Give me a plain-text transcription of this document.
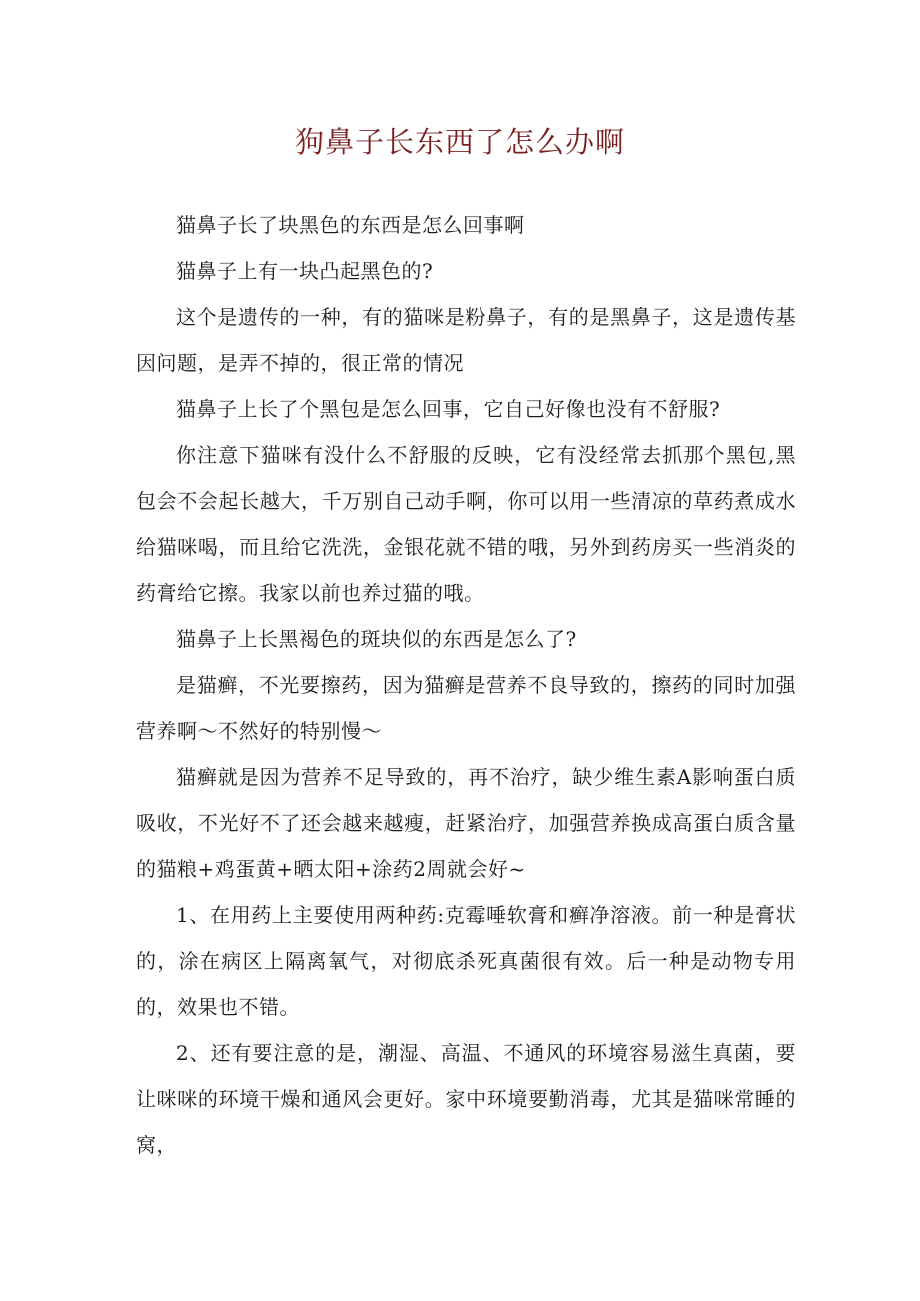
狗鼻子长东西了怎么办啊

猫鼻子长了块黑色的东西是怎么回事啊

猫鼻子上有一块凸起黑色的?

这个是遗传的一种，有的猫咪是粉鼻子，有的是黑鼻子，这是遗传基因问题，是弄不掉的，很正常的情况

猫鼻子上长了个黑包是怎么回事，它自己好像也没有不舒服?

你注意下猫咪有没什么不舒服的反映，它有没经常去抓那个黑包,黑包会不会起长越大，千万别自己动手啊，你可以用一些清凉的草药煮成水给猫咪喝，而且给它洗洗，金银花就不错的哦，另外到药房买一些消炎的药膏给它擦。我家以前也养过猫的哦。

猫鼻子上长黑褐色的斑块似的东西是怎么了?

是猫癣，不光要擦药，因为猫癣是营养不良导致的，擦药的同时加强营养啊～不然好的特别慢～

猫癣就是因为营养不足导致的，再不治疗，缺少维生素A影响蛋白质吸收，不光好不了还会越来越瘦，赶紧治疗，加强营养换成高蛋白质含量的猫粮+鸡蛋黄+晒太阳+涂药2周就会好~

1、在用药上主要使用两种药:克霉唾软膏和癣净溶液。前一种是膏状的，涂在病区上隔离氧气，对彻底杀死真菌很有效。后一种是动物专用的，效果也不错。

2、还有要注意的是，潮湿、高温、不通风的环境容易滋生真菌，要让咪咪的环境干燥和通风会更好。家中环境要勤消毒，尤其是猫咪常睡的窝，
